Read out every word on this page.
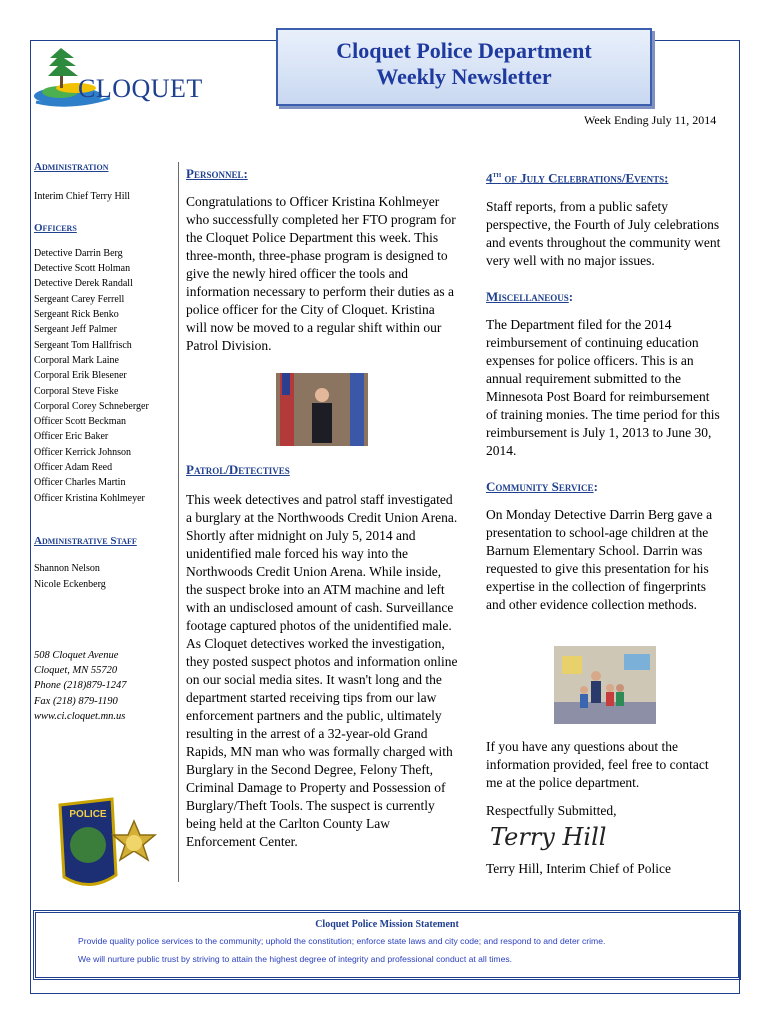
CLOQUET
Cloquet Police Department
Weekly Newsletter
Week Ending July 11, 2014
Administration
Interim Chief Terry Hill
Officers
Detective Darrin Berg
Detective Scott Holman
Detective Derek Randall
Sergeant Carey Ferrell
Sergeant Rick Benko
Sergeant Jeff Palmer
Sergeant Tom Hallfrisch
Corporal Mark Laine
Corporal Erik Blesener
Corporal Steve Fiske
Corporal Corey Schneberger
Officer Scott Beckman
Officer Eric Baker
Officer Kerrick Johnson
Officer Adam Reed
Officer Charles Martin
Officer Kristina Kohlmeyer
Administrative Staff
Shannon Nelson
Nicole Eckenberg
508 Cloquet Avenue
Cloquet, MN 55720
Phone (218)879-1247
Fax (218) 879-1190
www.ci.cloquet.mn.us
POLICE
Personnel:
Congratulations to Officer Kristina Kohlmeyer who successfully completed her FTO program for the Cloquet Police Department this week. This three-month, three-phase program is designed to give the newly hired officer the tools and information necessary to perform their duties as a police officer for the City of Cloquet. Kristina will now be moved to a regular shift within our Patrol Division.
Patrol/Detectives
This week detectives and patrol staff investigated a burglary at the Northwoods Credit Union Arena. Shortly after midnight on July 5, 2014 and unidentified male forced his way into the Northwoods Credit Union Arena. While inside, the suspect broke into an ATM machine and left with an undisclosed amount of cash. Surveillance footage captured photos of the unidentified male. As Cloquet detectives worked the investigation, they posted suspect photos and information online on our social media sites. It wasn't long and the department started receiving tips from our law enforcement partners and the public, ultimately resulting in the arrest of a 32-year-old Grand Rapids, MN man who was formally charged with Burglary in the Second Degree, Felony Theft, Criminal Damage to Property and Possession of Burglary/Theft Tools. The suspect is currently being held at the Carlton County Law Enforcement Center.
4th of July Celebrations/Events:
Staff reports, from a public safety perspective, the Fourth of July celebrations and events throughout the community went very well with no major issues.
Miscellaneous:
The Department filed for the 2014 reimbursement of continuing education expenses for police officers. This is an annual requirement submitted to the Minnesota Post Board for reimbursement of training monies. The time period for this reimbursement is July 1, 2013 to June 30, 2014.
Community Service:
On Monday Detective Darrin Berg gave a presentation to school-age children at the Barnum Elementary School. Darrin was requested to give this presentation for his expertise in the collection of fingerprints and other evidence collection methods.
If you have any questions about the information provided, feel free to contact me at the police department.
Respectfully Submitted,
Terry Hill
Terry Hill, Interim Chief of Police
Cloquet Police Mission Statement
Provide quality police services to the community; uphold the constitution; enforce state laws and city code; and respond to and deter crime.
We will nurture public trust by striving to attain the highest degree of integrity and professional conduct at all times.
